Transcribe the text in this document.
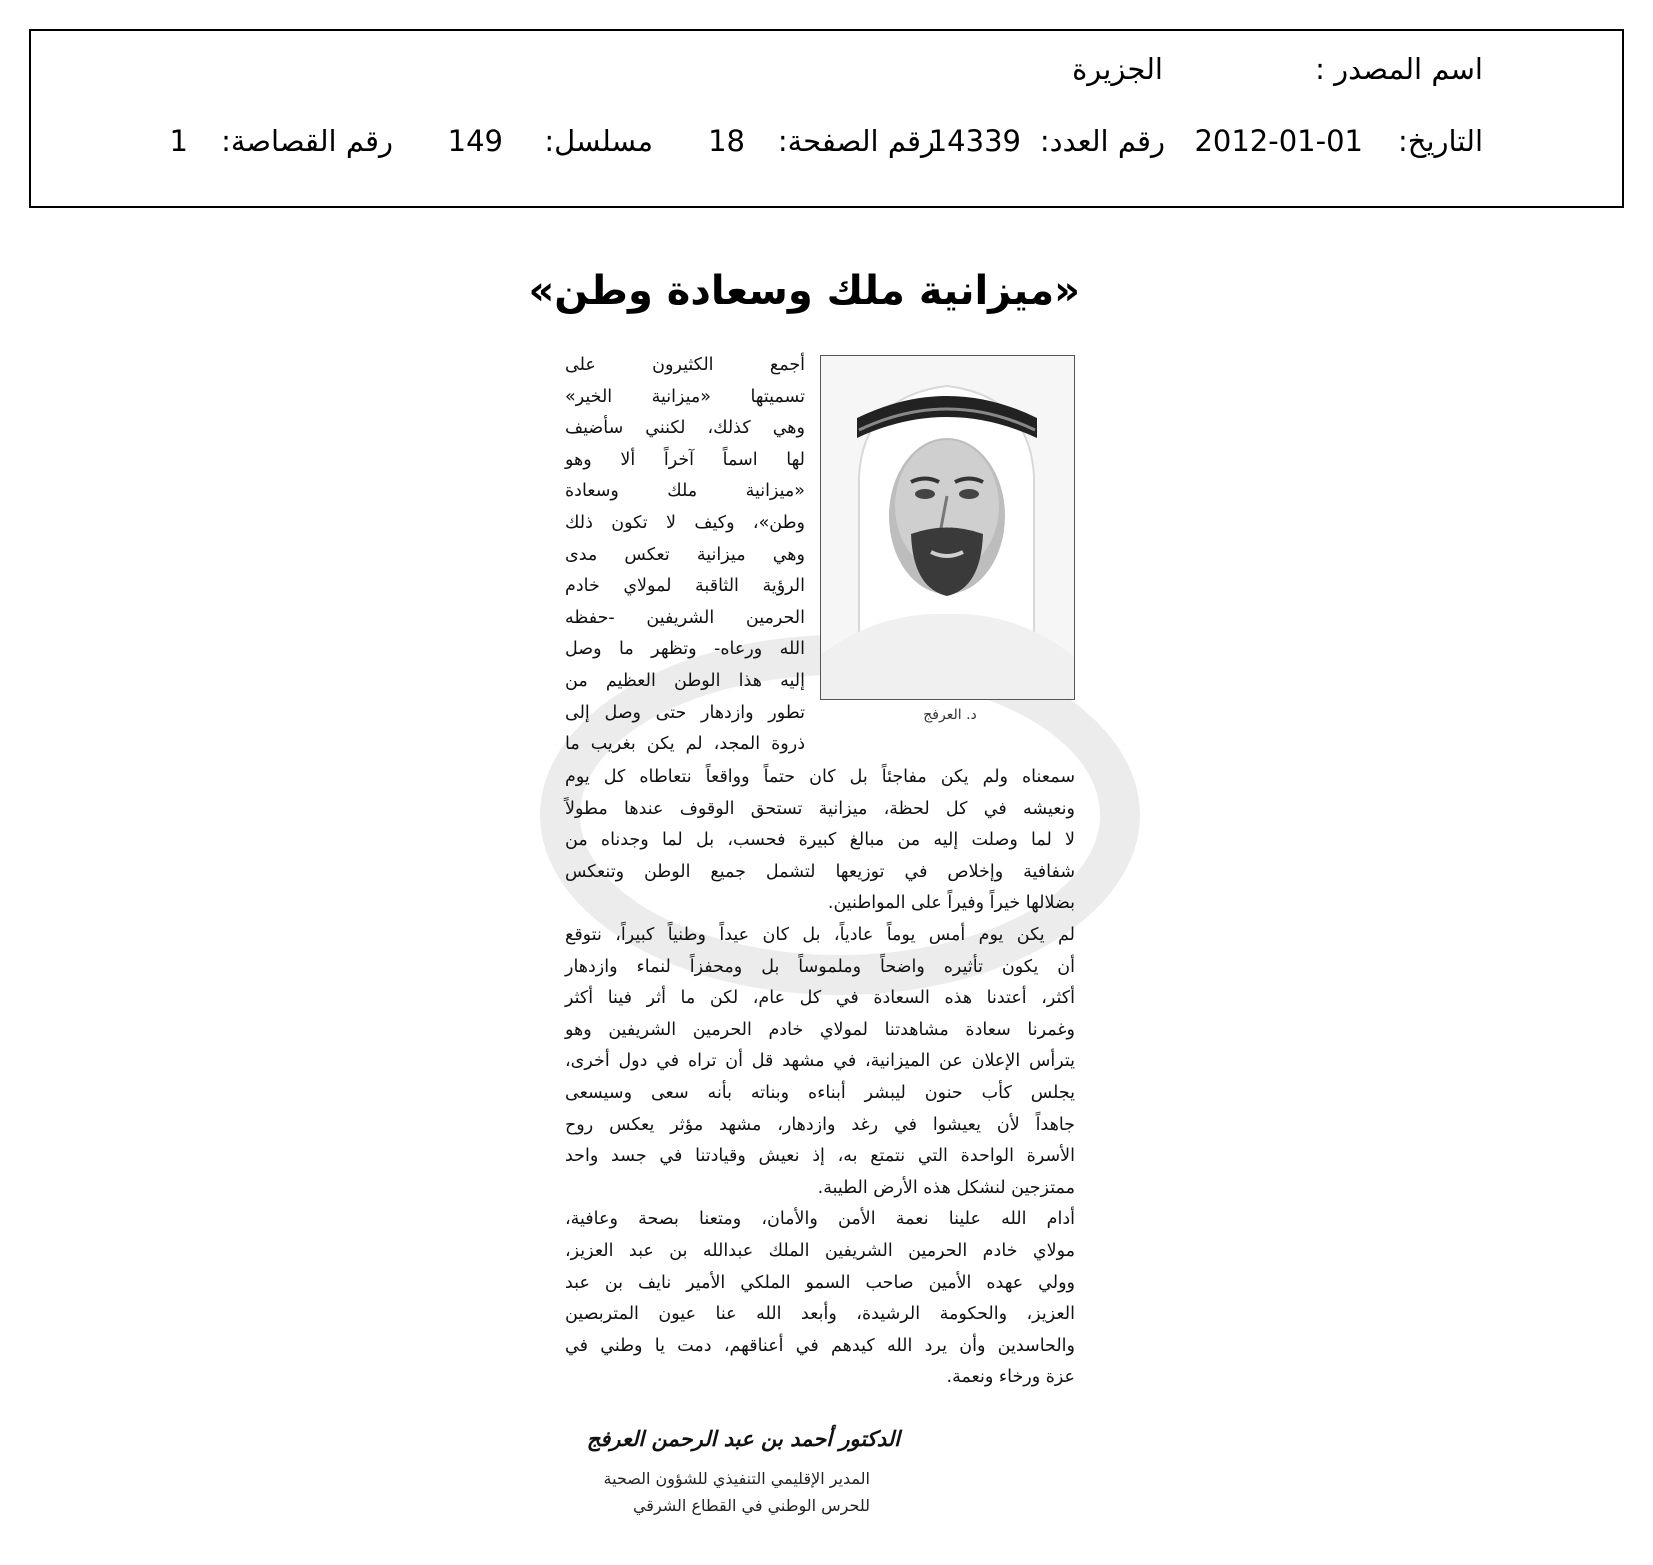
اسم المصدر :
الجزيرة
التاريخ:
2012-01-01
رقم العدد:
14339
رقم الصفحة:
18
مسلسل:
149
رقم القصاصة:
1
«ميزانية ملك وسعادة وطن»
د. العرفج
أجمع الكثيرون على
تسميتها «ميزانية الخير»
وهي كذلك، لكنني سأضيف
لها اسماً آخراً ألا وهو
«ميزانية ملك وسعادة
وطن»، وكيف لا تكون ذلك
وهي ميزانية تعكس مدى
الرؤية الثاقبة لمولاي خادم
الحرمين الشريفين -حفظه
الله ورعاه- وتظهر ما وصل
إليه هذا الوطن العظيم من
تطور وازدهار حتى وصل إلى
ذروة المجد، لم يكن بغريب ما
سمعناه ولم يكن مفاجئاً بل كان حتماً وواقعاً نتعاطاه كل يوم
ونعيشه في كل لحظة، ميزانية تستحق الوقوف عندها مطولاً
لا لما وصلت إليه من مبالغ كبيرة فحسب، بل لما وجدناه من
شفافية وإخلاص في توزيعها لتشمل جميع الوطن وتنعكس
بضلالها خيراً وفيراً على المواطنين.
لم يكن يوم أمس يوماً عادياً، بل كان عيداً وطنياً كبيراً، نتوقع
أن يكون تأثيره واضحاً وملموساً بل ومحفزاً لنماء وازدهار
أكثر، أعتدنا هذه السعادة في كل عام، لكن ما أثر فينا أكثر
وغمرنا سعادة مشاهدتنا لمولاي خادم الحرمين الشريفين وهو
يترأس الإعلان عن الميزانية، في مشهد قل أن تراه في دول أخرى،
يجلس كأب حنون ليبشر أبناءه وبناته بأنه سعى وسيسعى
جاهداً لأن يعيشوا في رغد وازدهار، مشهد مؤثر يعكس روح
الأسرة الواحدة التي نتمتع به، إذ نعيش وقيادتنا في جسد واحد
ممتزجين لنشكل هذه الأرض الطيبة.
أدام الله علينا نعمة الأمن والأمان، ومتعنا بصحة وعافية،
مولاي خادم الحرمين الشريفين الملك عبدالله بن عبد العزيز،
وولي عهده الأمين صاحب السمو الملكي الأمير نايف بن عبد
العزيز، والحكومة الرشيدة، وأبعد الله عنا عيون المتربصين
والحاسدين وأن يرد الله كيدهم في أعناقهم، دمت يا وطني في
عزة ورخاء ونعمة.
الدكتور أحمد بن عبد الرحمن العرفج
المدير الإقليمي التنفيذي للشؤون الصحية
للحرس الوطني في القطاع الشرقي
